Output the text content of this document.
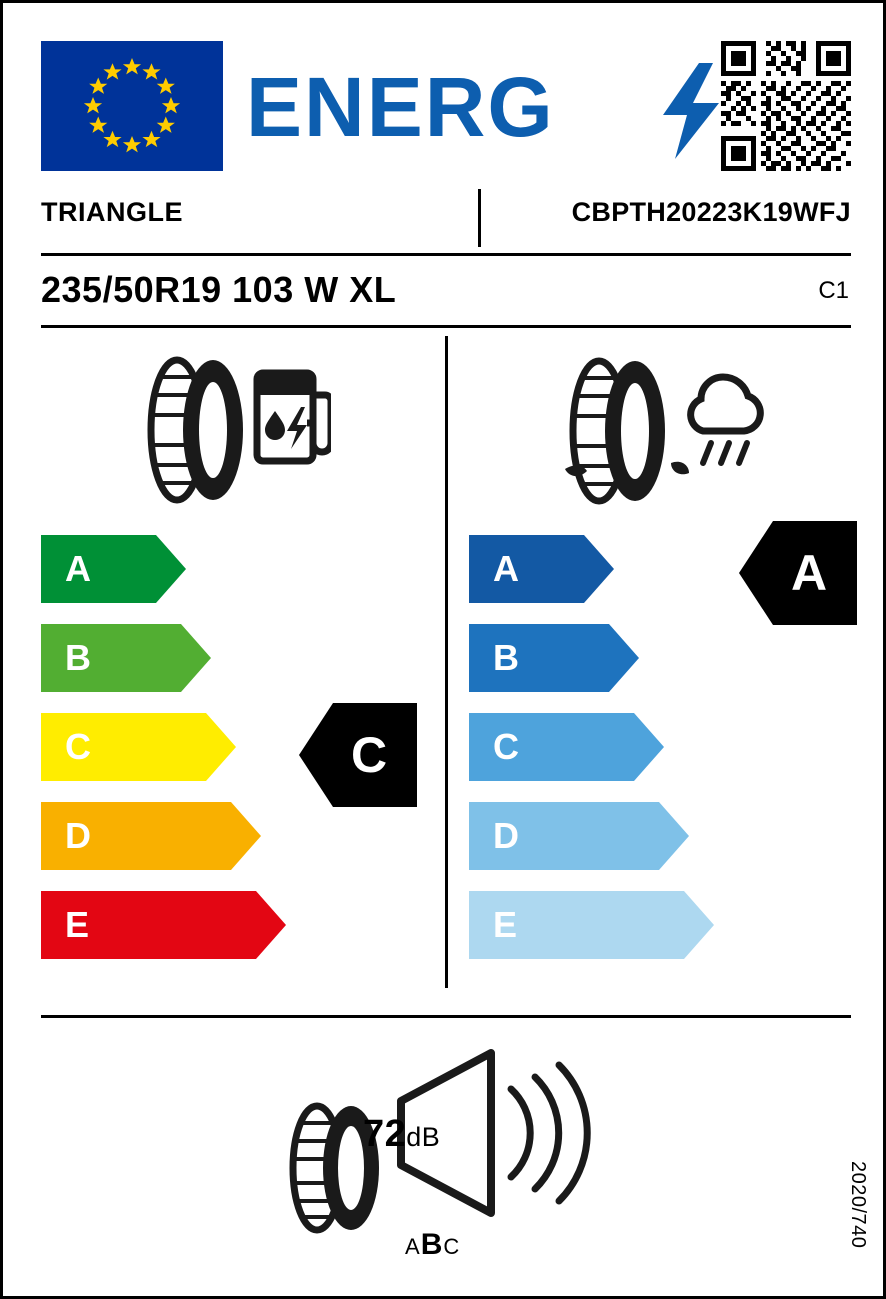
ENERG
TRIANGLE	CBPTH20223K19WFJ
235/50R19 103 W XL	C1
A
B
C
D
E
A
B
C
D
E
C
A
72dB
ABC	2020/740
